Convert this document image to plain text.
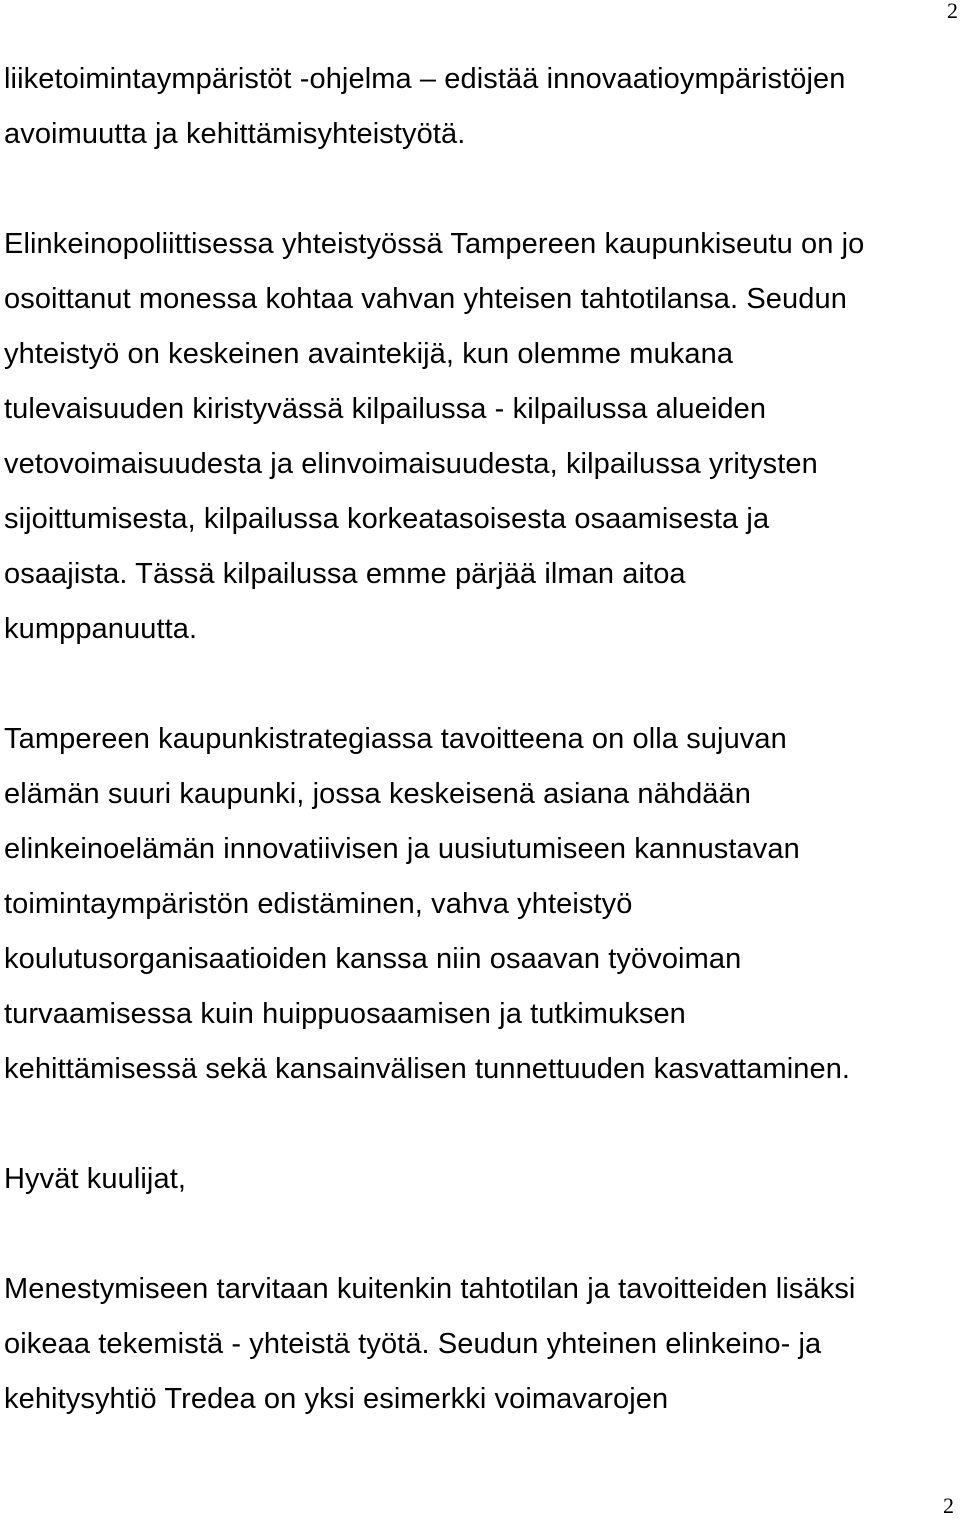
2

liiketoimintaympäristöt -ohjelma – edistää innovaatioympäristöjen
avoimuutta ja kehittämisyhteistyötä.

Elinkeinopoliittisessa yhteistyössä Tampereen kaupunkiseutu on jo
osoittanut monessa kohtaa vahvan yhteisen tahtotilansa. Seudun
yhteistyö on keskeinen avaintekijä, kun olemme mukana
tulevaisuuden kiristyvässä kilpailussa - kilpailussa alueiden
vetovoimaisuudesta ja elinvoimaisuudesta, kilpailussa yritysten
sijoittumisesta, kilpailussa korkeatasoisesta osaamisesta ja
osaajista. Tässä kilpailussa emme pärjää ilman aitoa
kumppanuutta.

Tampereen kaupunkistrategiassa tavoitteena on olla sujuvan
elämän suuri kaupunki, jossa keskeisenä asiana nähdään
elinkeinoelämän innovatiivisen ja uusiutumiseen kannustavan
toimintaympäristön edistäminen, vahva yhteistyö
koulutusorganisaatioiden kanssa niin osaavan työvoiman
turvaamisessa kuin huippuosaamisen ja tutkimuksen
kehittämisessä sekä kansainvälisen tunnettuuden kasvattaminen.

Hyvät kuulijat,

Menestymiseen tarvitaan kuitenkin tahtotilan ja tavoitteiden lisäksi
oikeaa tekemistä - yhteistä työtä. Seudun yhteinen elinkeino- ja
kehitysyhtiö Tredea on yksi esimerkki voimavarojen

2
